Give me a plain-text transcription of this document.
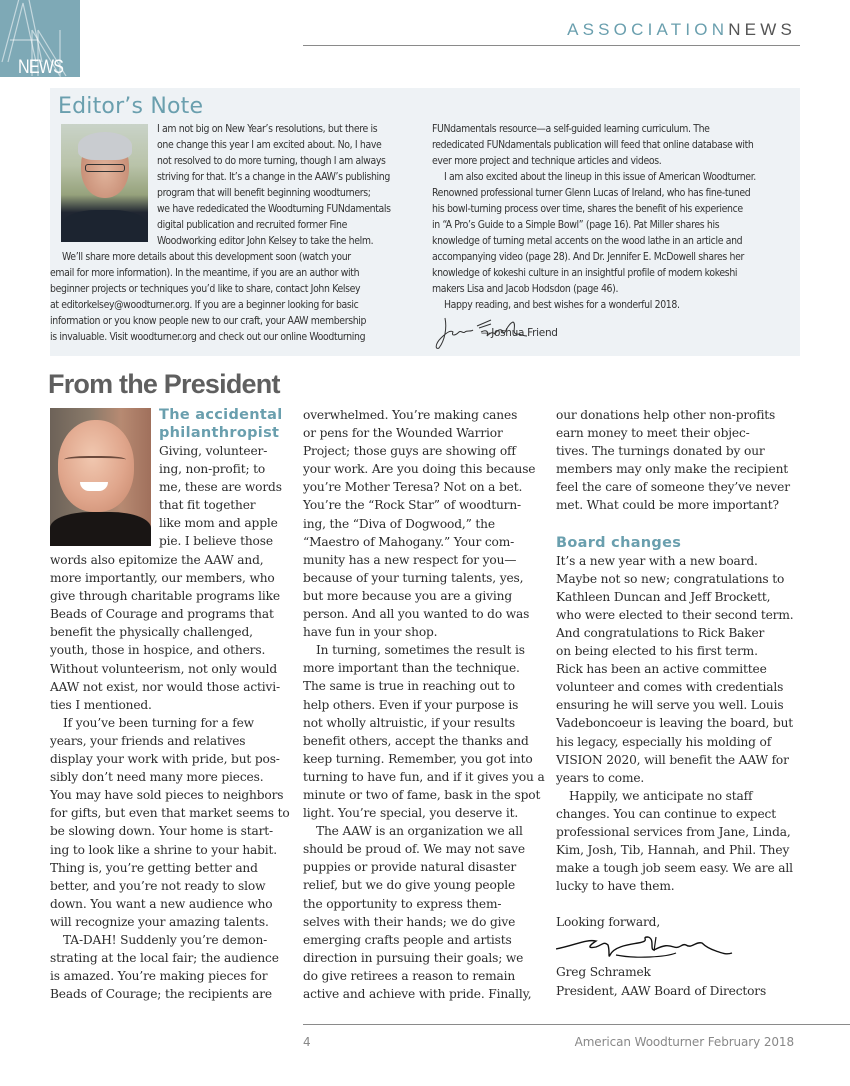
NEWS
ASSOCIATIONNEWS
Editor’s Note

I am not big on New Year’s resolutions, but there is

one change this year I am excited about. No, I have

not resolved to do more turning, though I am always

striving for that. It’s a change in the AAW’s publishing

program that will benefit beginning woodturners;

we have rededicated the Woodturning FUNdamentals

digital publication and recruited former Fine

Woodworking editor John Kelsey to take the helm.

We’ll share more details about this development soon (watch your

email for more information). In the meantime, if you are an author with

beginner projects or techniques you’d like to share, contact John Kelsey

at editorkelsey@woodturner.org. If you are a beginner looking for basic

information or you know people new to our craft, your AAW membership

is invaluable. Visit woodturner.org and check out our online Woodturning

FUNdamentals resource—a self-guided learning curriculum. The

rededicated FUNdamentals publication will feed that online database with

ever more project and technique articles and videos.

I am also excited about the lineup in this issue of American Woodturner.

Renowned professional turner Glenn Lucas of Ireland, who has fine-tuned

his bowl-turning process over time, shares the benefit of his experience

in “A Pro’s Guide to a Simple Bowl” (page 16). Pat Miller shares his

knowledge of turning metal accents on the wood lathe in an article and

accompanying video (page 28). And Dr. Jennifer E. McDowell shares her

knowledge of kokeshi culture in an insightful profile of modern kokeshi

makers Lisa and Jacob Hodsdon (page 46).

Happy reading, and best wishes for a wonderful 2018.

—Joshua Friend
From the President
The accidental
philanthropist

Giving, volunteer-

ing, non-profit; to

me, these are words

that fit together

like mom and apple

pie. I believe those

words also epitomize the AAW and,

more importantly, our members, who

give through charitable programs like

Beads of Courage and programs that

benefit the physically challenged,

youth, those in hospice, and others.

Without volunteerism, not only would

AAW not exist, nor would those activi-

ties I mentioned.

If you’ve been turning for a few

years, your friends and relatives

display your work with pride, but pos-

sibly don’t need many more pieces.

You may have sold pieces to neighbors

for gifts, but even that market seems to

be slowing down. Your home is start-

ing to look like a shrine to your habit.

Thing is, you’re getting better and

better, and you’re not ready to slow

down. You want a new audience who

will recognize your amazing talents.

TA-DAH! Suddenly you’re demon-

strating at the local fair; the audience

is amazed. You’re making pieces for

Beads of Courage; the recipients are

overwhelmed. You’re making canes

or pens for the Wounded Warrior

Project; those guys are showing off

your work. Are you doing this because

you’re Mother Teresa? Not on a bet.

You’re the “Rock Star” of woodturn-

ing, the “Diva of Dogwood,” the

“Maestro of Mahogany.” Your com-

munity has a new respect for you—

because of your turning talents, yes,

but more because you are a giving

person. And all you wanted to do was

have fun in your shop.

In turning, sometimes the result is

more important than the technique.

The same is true in reaching out to

help others. Even if your purpose is

not wholly altruistic, if your results

benefit others, accept the thanks and

keep turning. Remember, you got into

turning to have fun, and if it gives you a

minute or two of fame, bask in the spot

light. You’re special, you deserve it.

The AAW is an organization we all

should be proud of. We may not save

puppies or provide natural disaster

relief, but we do give young people

the opportunity to express them-

selves with their hands; we do give

emerging crafts people and artists

direction in pursuing their goals; we

do give retirees a reason to remain

active and achieve with pride. Finally,

our donations help other non-profits

earn money to meet their objec-

tives. The turnings donated by our

members may only make the recipient

feel the care of someone they’ve never

met. What could be more important?

Board changes

It’s a new year with a new board.

Maybe not so new; congratulations to

Kathleen Duncan and Jeff Brockett,

who were elected to their second term.

And congratulations to Rick Baker

on being elected to his first term.

Rick has been an active committee

volunteer and comes with credentials

ensuring he will serve you well. Louis

Vadeboncoeur is leaving the board, but

his legacy, especially his molding of

VISION 2020, will benefit the AAW for

years to come.

Happily, we anticipate no staff

changes. You can continue to expect

professional services from Jane, Linda,

Kim, Josh, Tib, Hannah, and Phil. They

make a tough job seem easy. We are all

lucky to have them.

Looking forward,

Greg Schramek

President, AAW Board of Directors

4	American Woodturner February 2018
